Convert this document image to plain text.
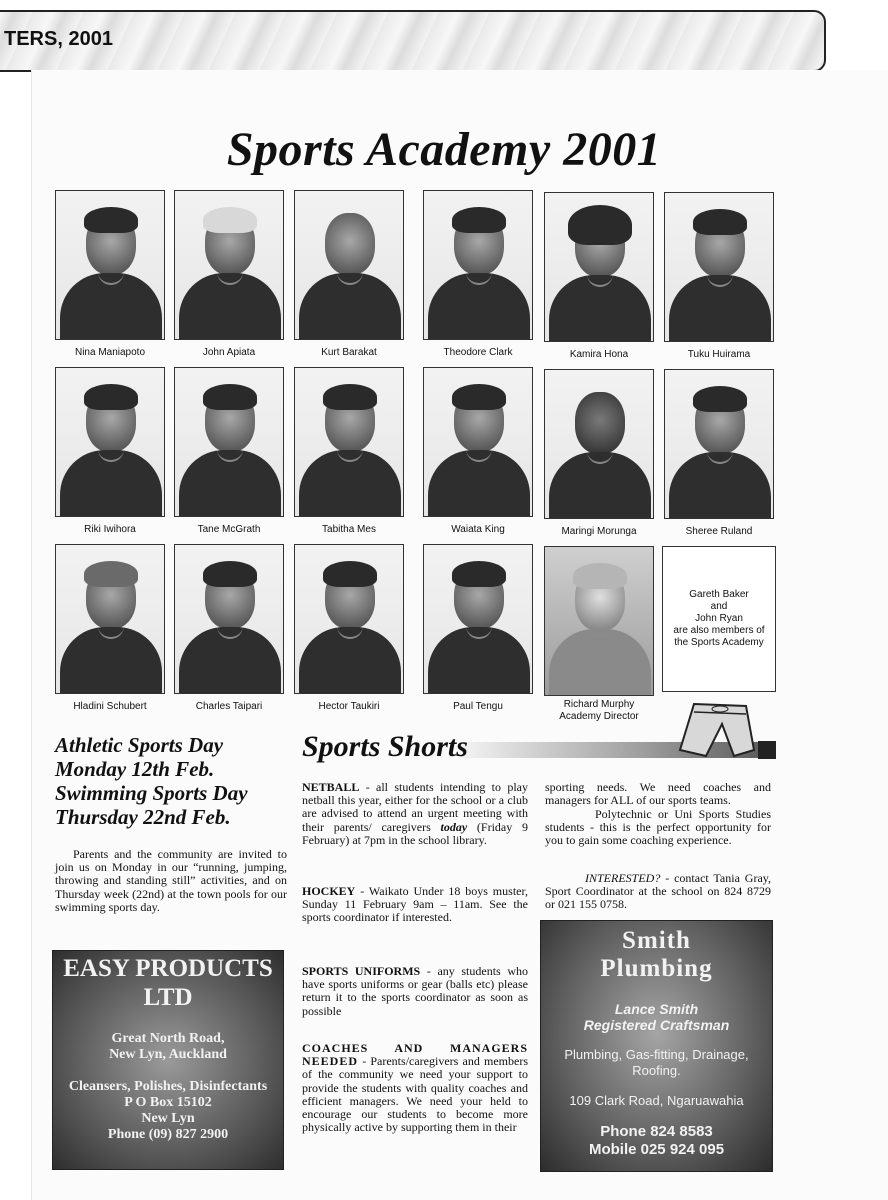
TERS, 2001
Sports Academy 2001
Nina Maniapoto	John Apiata	Kurt Barakat	Theodore Clark	Kamira Hona	Tuku Huirama
Riki Iwihora	Tane McGrath	Tabitha Mes	Waiata King	Maringi Morunga	Sheree Ruland
Gareth Baker
and
John Ryan
are also members of
the Sports Academy
Hladini Schubert	Charles Taipari	Hector Taukiri	Paul Tengu	Richard Murphy
Academy Director
Athletic Sports Day
Monday 12th Feb.
Swimming Sports Day
Thursday 22nd Feb.
Parents and the community are invited to join us on Monday in our “running, jumping, throwing and standing still” activities, and on Thursday week (22nd) at the town pools for our swimming sports day.
Sports Shorts
NETBALL - all students intending to play netball this year, either for the school or a club are advised to attend an urgent meeting with their parents/ caregivers today (Friday 9 February) at 7pm in the school library.
HOCKEY - Waikato Under 18 boys muster, Sunday 11 February 9am – 11am. See the sports coordinator if interested.
SPORTS UNIFORMS - any students who have sports uniforms or gear (balls etc) please return it to the sports coordinator as soon as possible
COACHES AND MANAGERS NEEDED - Parents/caregivers and members of the community we need your support to provide the students with quality coaches and efficient managers. We need your held to encourage our students to become more physically active by supporting them in their
sporting needs. We need coaches and managers for ALL of our sports teams.
Polytechnic or Uni Sports Studies students - this is the perfect opportunity for you to gain some coaching experience.
INTERESTED? - contact Tania Gray, Sport Coordinator at the school on 824 8729 or 021 155 0758.
EASY PRODUCTS
LTD
Great North Road,
New Lyn, Auckland
Cleansers, Polishes, Disinfectants
P O Box 15102
New Lyn
Phone (09) 827 2900
Smith
Plumbing
Lance Smith
Registered Craftsman
Plumbing, Gas-fitting, Drainage, Roofing.
109 Clark Road, Ngaruawahia
Phone 824 8583
Mobile 025 924 095
